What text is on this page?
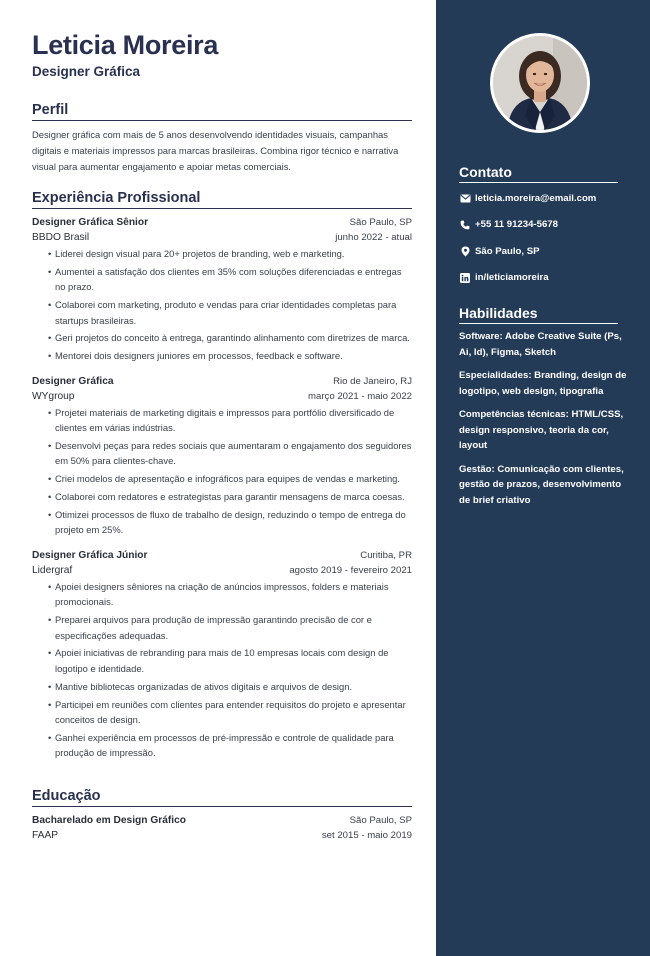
Leticia Moreira
Designer Gráfica
Perfil
Designer gráfica com mais de 5 anos desenvolvendo identidades visuais, campanhas digitais e materiais impressos para marcas brasileiras. Combina rigor técnico e narrativa visual para aumentar engajamento e apoiar metas comerciais.
Experiência Profissional
Designer Gráfica Sênior	São Paulo, SP
BBDO Brasil	junho 2022 - atual
• Liderei design visual para 20+ projetos de branding, web e marketing.
• Aumentei a satisfação dos clientes em 35% com soluções diferenciadas e entregas no prazo.
• Colaborei com marketing, produto e vendas para criar identidades completas para startups brasileiras.
• Geri projetos do conceito à entrega, garantindo alinhamento com diretrizes de marca.
• Mentorei dois designers juniores em processos, feedback e software.
Designer Gráfica	Rio de Janeiro, RJ
WYgroup	março 2021 - maio 2022
• Projetei materiais de marketing digitais e impressos para portfólio diversificado de clientes em várias indústrias.
• Desenvolvi peças para redes sociais que aumentaram o engajamento dos seguidores em 50% para clientes-chave.
• Criei modelos de apresentação e infográficos para equipes de vendas e marketing.
• Colaborei com redatores e estrategistas para garantir mensagens de marca coesas.
• Otimizei processos de fluxo de trabalho de design, reduzindo o tempo de entrega do projeto em 25%.
Designer Gráfica Júnior	Curitiba, PR
Lidergraf	agosto 2019 - fevereiro 2021
• Apoiei designers sêniores na criação de anúncios impressos, folders e materiais promocionais.
• Preparei arquivos para produção de impressão garantindo precisão de cor e especificações adequadas.
• Apoiei iniciativas de rebranding para mais de 10 empresas locais com design de logotipo e identidade.
• Mantive bibliotecas organizadas de ativos digitais e arquivos de design.
• Participei em reuniões com clientes para entender requisitos do projeto e apresentar conceitos de design.
• Ganhei experiência em processos de pré-impressão e controle de qualidade para produção de impressão.
Educação
Bacharelado em Design Gráfico	São Paulo, SP
FAAP	set 2015 - maio 2019
Contato
leticia.moreira@email.com
+55 11 91234-5678
São Paulo, SP
in/leticiamoreira
Habilidades
Software: Adobe Creative Suite (Ps, Ai, Id), Figma, Sketch
Especialidades: Branding, design de logotipo, web design, tipografia
Competências técnicas: HTML/CSS, design responsivo, teoria da cor, layout
Gestão: Comunicação com clientes, gestão de prazos, desenvolvimento de brief criativo
